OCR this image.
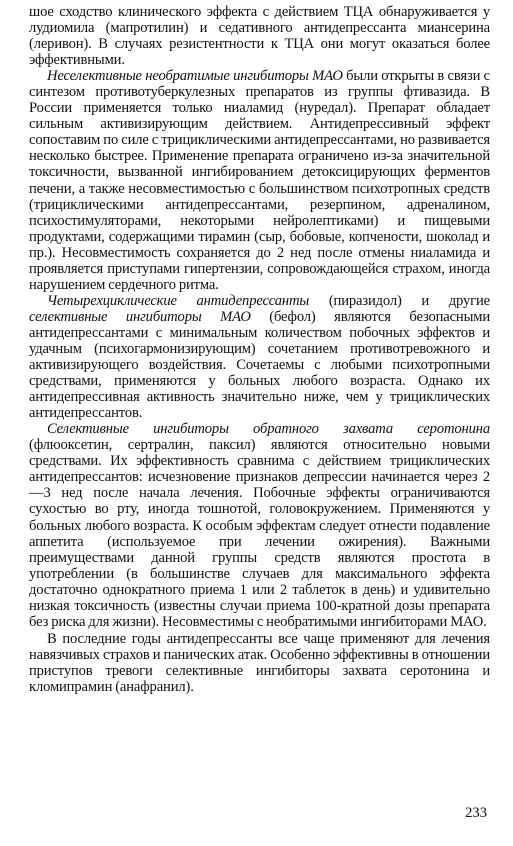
шое сходство клинического эффекта с действием ТЦА обнаруживается у лудиомила (мапротилин) и седативного антидепрессанта миансерина (леривон). В случаях резистентности к ТЦА они могут оказаться более эффективными.

Неселективные необратимые ингибиторы МАО были открыты в связи с синтезом противотуберкулезных препаратов из группы фтивазида. В России применяется только ниаламид (нуредал). Препарат обладает сильным активизирующим действием. Антидепрессивный эффект сопоставим по силе с трициклическими антидепрессантами, но развивается несколько быстрее. Применение препарата ограничено из-за значительной токсичности, вызванной ингибированием детоксицирующих ферментов печени, а также несовместимостью с большинством психотропных средств (трициклическими антидепрессантами, резерпином, адреналином, психостимуляторами, некоторыми нейролептиками) и пищевыми продуктами, содержащими тирамин (сыр, бобовые, копчености, шоколад и пр.). Несовместимость сохраняется до 2 нед после отмены ниаламида и проявляется приступами гипертензии, сопровождающейся страхом, иногда нарушением сердечного ритма.

Четырехциклические антидепрессанты (пиразидол) и другие селективные ингибиторы МАО (бефол) являются безопасными антидепрессантами с минимальным количеством побочных эффектов и удачным (психогармонизирующим) сочетанием противотревожного и активизирующего воздействия. Сочетаемы с любыми психотропными средствами, применяются у больных любого возраста. Однако их антидепрессивная активность значительно ниже, чем у трициклических антидепрессантов.

Селективные ингибиторы обратного захвата серотонина (флюоксетин, сертралин, паксил) являются относительно новыми средствами. Их эффективность сравнима с действием трициклических антидепрессантов: исчезновение признаков депрессии начинается через 2—3 нед после начала лечения. Побочные эффекты ограничиваются сухостью во рту, иногда тошнотой, головокружением. Применяются у больных любого возраста. К особым эффектам следует отнести подавление аппетита (используемое при лечении ожирения). Важными преимуществами данной группы средств являются простота в употреблении (в большинстве случаев для максимального эффекта достаточно однократного приема 1 или 2 таблеток в день) и удивительно низкая токсичность (известны случаи приема 100-кратной дозы препарата без риска для жизни). Несовместимы с необратимыми ингибиторами МАО.

В последние годы антидепрессанты все чаще применяют для лечения навязчивых страхов и панических атак. Особенно эффективны в отношении приступов тревоги селективные ингибиторы захвата серотонина и кломипрамин (анафранил).

233
